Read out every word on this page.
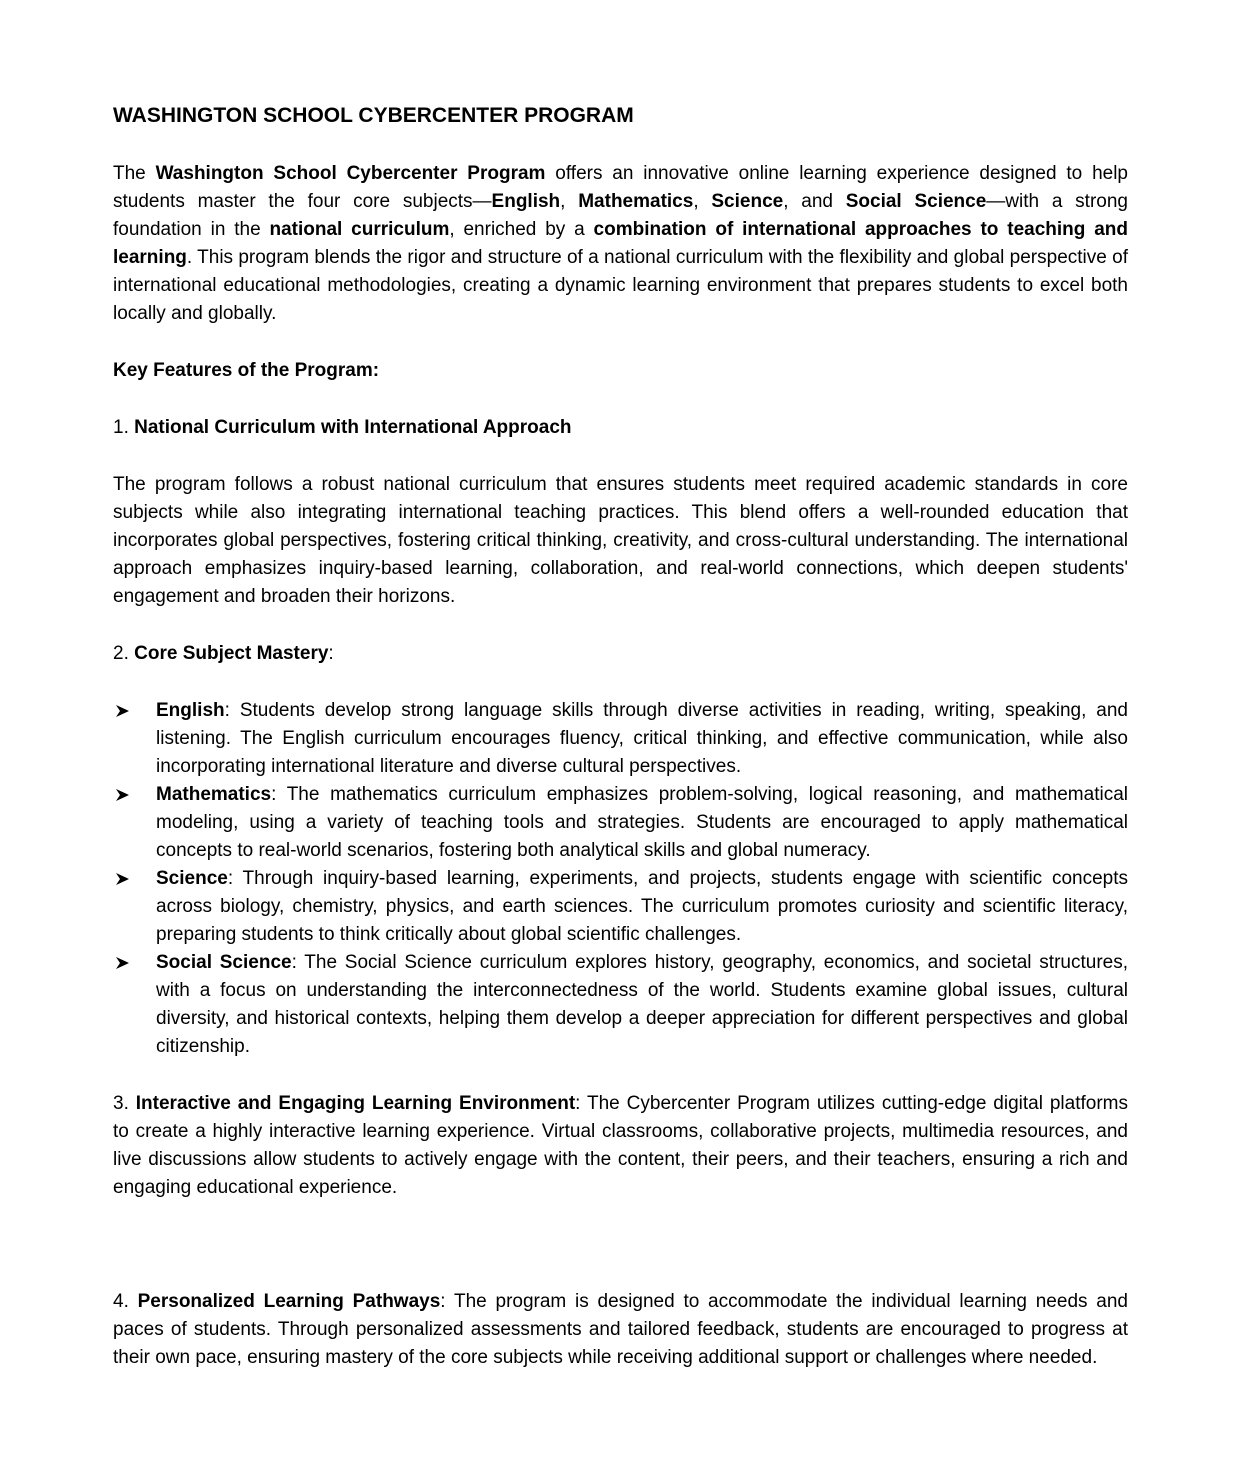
WASHINGTON SCHOOL CYBERCENTER PROGRAM

The Washington School Cybercenter Program offers an innovative online learning experience designed to help students master the four core subjects—English, Mathematics, Science, and Social Science—with a strong foundation in the national curriculum, enriched by a combination of international approaches to teaching and learning. This program blends the rigor and structure of a national curriculum with the flexibility and global perspective of international educational methodologies, creating a dynamic learning environment that prepares students to excel both locally and globally.

Key Features of the Program:

1. National Curriculum with International Approach

The program follows a robust national curriculum that ensures students meet required academic standards in core subjects while also integrating international teaching practices. This blend offers a well-rounded education that incorporates global perspectives, fostering critical thinking, creativity, and cross-cultural understanding. The international approach emphasizes inquiry-based learning, collaboration, and real-world connections, which deepen students' engagement and broaden their horizons.

2. Core Subject Mastery:

English: Students develop strong language skills through diverse activities in reading, writing, speaking, and listening. The English curriculum encourages fluency, critical thinking, and effective communication, while also incorporating international literature and diverse cultural perspectives.
Mathematics: The mathematics curriculum emphasizes problem-solving, logical reasoning, and mathematical modeling, using a variety of teaching tools and strategies. Students are encouraged to apply mathematical concepts to real-world scenarios, fostering both analytical skills and global numeracy.
Science: Through inquiry-based learning, experiments, and projects, students engage with scientific concepts across biology, chemistry, physics, and earth sciences. The curriculum promotes curiosity and scientific literacy, preparing students to think critically about global scientific challenges.
Social Science: The Social Science curriculum explores history, geography, economics, and societal structures, with a focus on understanding the interconnectedness of the world. Students examine global issues, cultural diversity, and historical contexts, helping them develop a deeper appreciation for different perspectives and global citizenship.

3. Interactive and Engaging Learning Environment: The Cybercenter Program utilizes cutting-edge digital platforms to create a highly interactive learning experience. Virtual classrooms, collaborative projects, multimedia resources, and live discussions allow students to actively engage with the content, their peers, and their teachers, ensuring a rich and engaging educational experience.

4. Personalized Learning Pathways: The program is designed to accommodate the individual learning needs and paces of students. Through personalized assessments and tailored feedback, students are encouraged to progress at their own pace, ensuring mastery of the core subjects while receiving additional support or challenges where needed.
